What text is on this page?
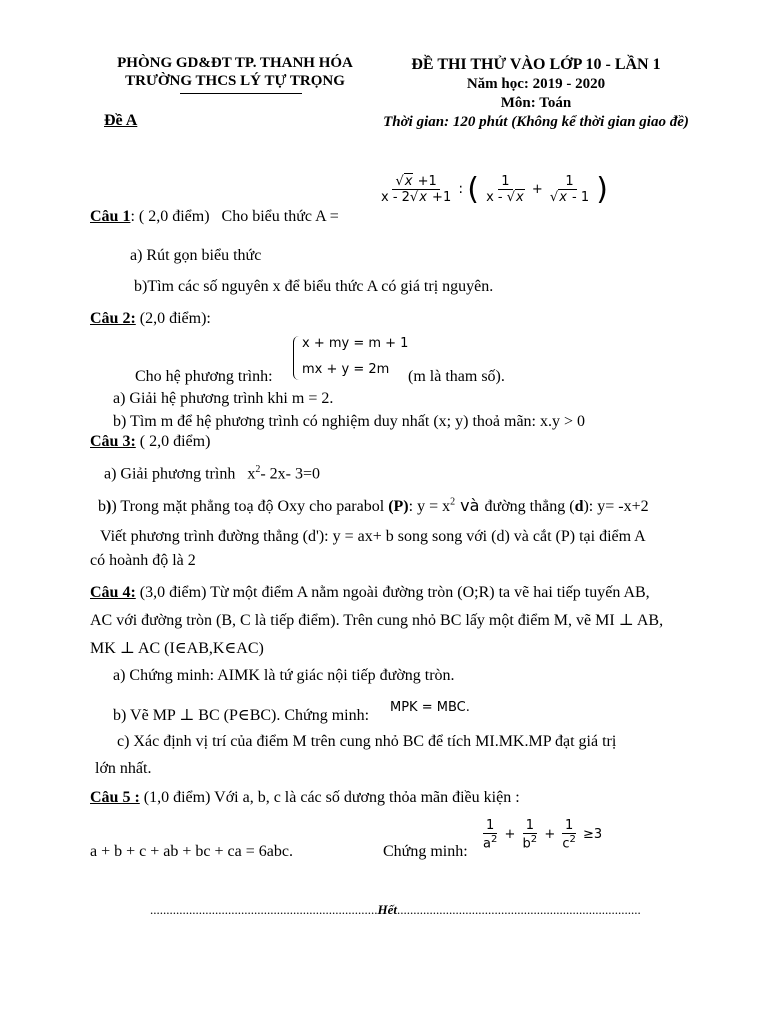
PHÒNG GD&ĐT TP. THANH HÓA
TRƯỜNG THCS LÝ TỰ TRỌNG
Đề A
ĐỀ THI THỬ VÀO LỚP 10 - LẦN 1
Năm học: 2019 - 2020
Môn: Toán
Thời gian: 120 phút (Không kể thời gian giao đề)
Câu 1: ( 2,0 điểm) Cho biểu thức A =
$\frac{√x +1}{x - 2√x +1}$ : ( $\frac{1}{x - √x} + \frac{1}{√x - 1}$ )
a) Rút gọn biểu thức
b)Tìm các số nguyên x để biểu thức A có giá trị nguyên.
Câu 2: (2,0 điểm):
x + my = m + 1
mx + y = 2m
Cho hệ phương trình:	(m là tham số).
a) Giải hệ phương trình khi m = 2.
b) Tìm m để hệ phương trình có nghiệm duy nhất (x; y) thoả mãn: x.y > 0
Câu 3: ( 2,0 điểm)
a) Giải phương trình $x^2-$ 2x- 3=0
b)) Trong mặt phẳng toạ độ Oxy cho parabol (P): $y = x^2$ và đường thẳng (d): y= -x+2
Viết phương trình đường thẳng (d'): y = ax+ b song song với (d) và cắt (P) tại điểm A
có hoành độ là 2
Câu 4: (3,0 điểm) Từ một điểm A nằm ngoài đường tròn (O;R) ta vẽ hai tiếp tuyến AB,
AC với đường tròn (B, C là tiếp điểm). Trên cung nhỏ BC lấy một điểm M, vẽ MI ⊥ AB,
MK ⊥ AC (I∈AB,K∈AC)
a) Chứng minh: AIMK là tứ giác nội tiếp đường tròn.
b) Vẽ MP ⊥ BC (P∈BC). Chứng minh: MPK = MBC.
c) Xác định vị trí của điểm M trên cung nhỏ BC để tích MI.MK.MP đạt giá trị
lớn nhất.
Câu 5 : (1,0 điểm) Với a, b, c là các số dương thỏa mãn điều kiện :
a + b + c + ab + bc + ca = 6abc.	Chứng minh:
$\frac{1}{a^2} + \frac{1}{b^2} + \frac{1}{c^2} \ge 3$
......................................................................Hết...........................................................................
